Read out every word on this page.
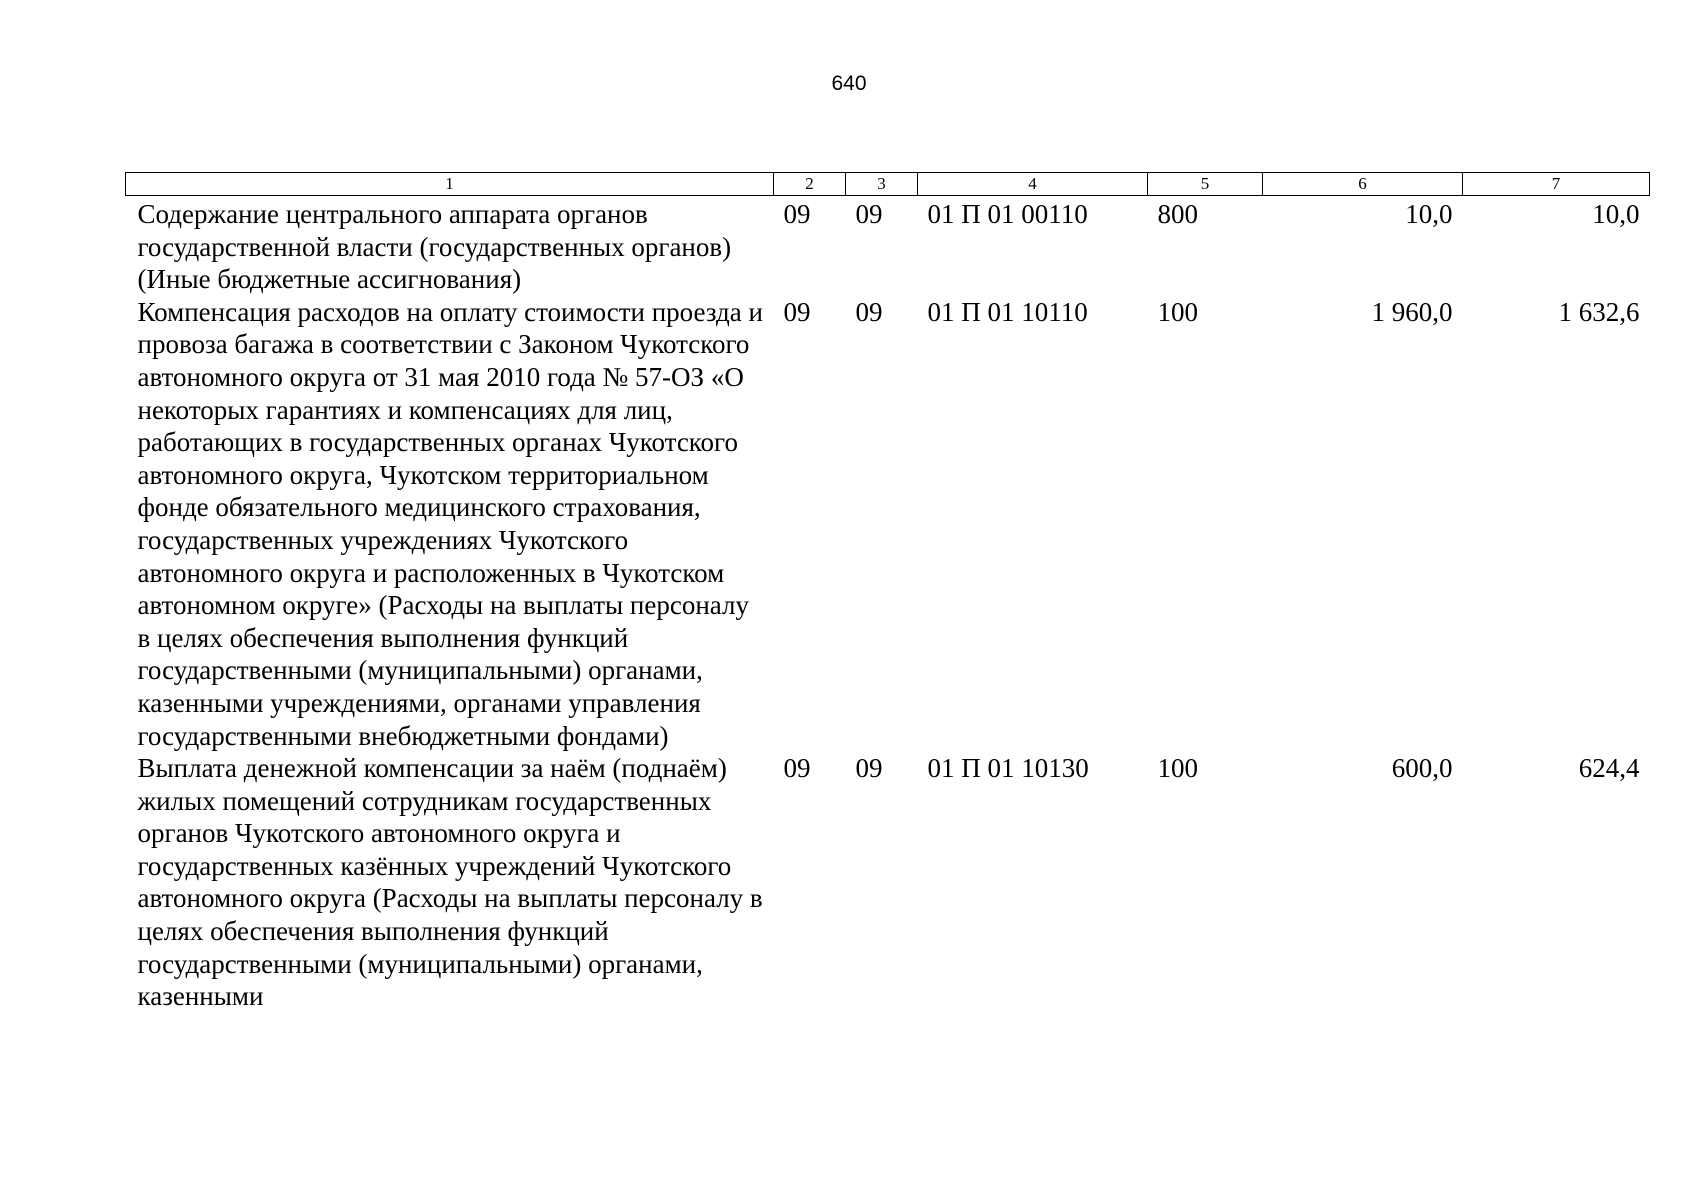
640
1	2	3	4	5	6	7
Содержание центрального аппарата органов государственной власти (государственных органов) (Иные бюджетные ассигнования)	09	09	01 П 01 00110	800	10,0	10,0
Компенсация расходов на оплату стоимости проезда и провоза багажа в соответствии с Законом Чукотского автономного округа от 31 мая 2010 года № 57-ОЗ «О некоторых гарантиях и компенсациях для лиц, работающих в государственных органах Чукотского автономного округа, Чукотском территориальном фонде обязательного медицинского страхования, государственных учреждениях Чукотского автономного округа и расположенных в Чукотском автономном округе» (Расходы на выплаты персоналу в целях обеспечения выполнения функций государственными (муниципальными) органами, казенными учреждениями, органами управления государственными внебюджетными фондами)	09	09	01 П 01 10110	100	1 960,0	1 632,6
Выплата денежной компенсации за наём (поднаём) жилых помещений сотрудникам государственных органов Чукотского автономного округа и государственных казённых учреждений Чукотского автономного округа (Расходы на выплаты персоналу в целях обеспечения выполнения функций государственными (муниципальными) органами, казенными	09	09	01 П 01 10130	100	600,0	624,4
